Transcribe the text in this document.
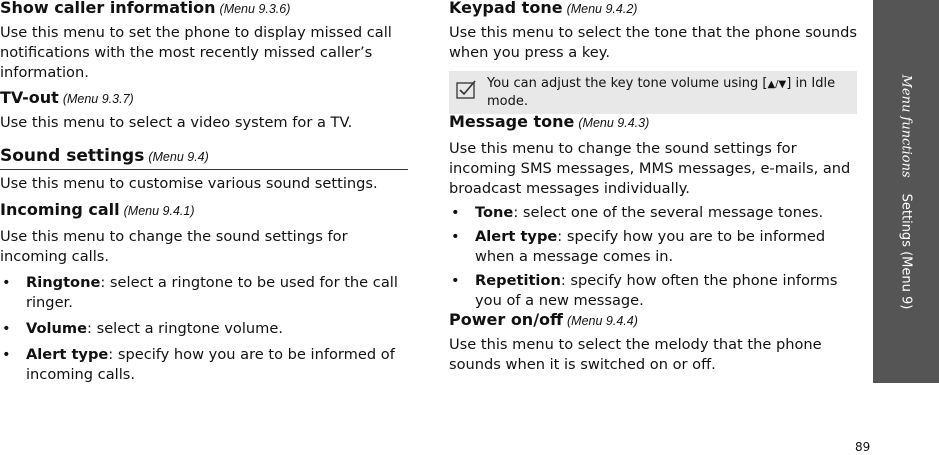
Show caller information (Menu 9.3.6)

Use this menu to set the phone to display missed call notifications with the most recently missed caller’s information.

TV-out (Menu 9.3.7)

Use this menu to select a video system for a TV.

Sound settings (Menu 9.4)

Use this menu to customise various sound settings.

Incoming call (Menu 9.4.1)

Use this menu to change the sound settings for incoming calls.

• Ringtone: select a ringtone to be used for the call ringer.
• Volume: select a ringtone volume.
• Alert type: specify how you are to be informed of incoming calls.
Keypad tone (Menu 9.4.2)

Use this menu to select the tone that the phone sounds when you press a key.

You can adjust the key tone volume using [▲/▼] in Idle mode.
Message tone (Menu 9.4.3)

Use this menu to change the sound settings for incoming SMS messages, MMS messages, e-mails, and broadcast messages individually.

• Tone: select one of the several message tones.
• Alert type: specify how you are to be informed when a message comes in.
• Repetition: specify how often the phone informs you of a new message.
Power on/off (Menu 9.4.4)

Use this menu to select the melody that the phone sounds when it is switched on or off.

Menu functionsSettings (Menu 9)
89
